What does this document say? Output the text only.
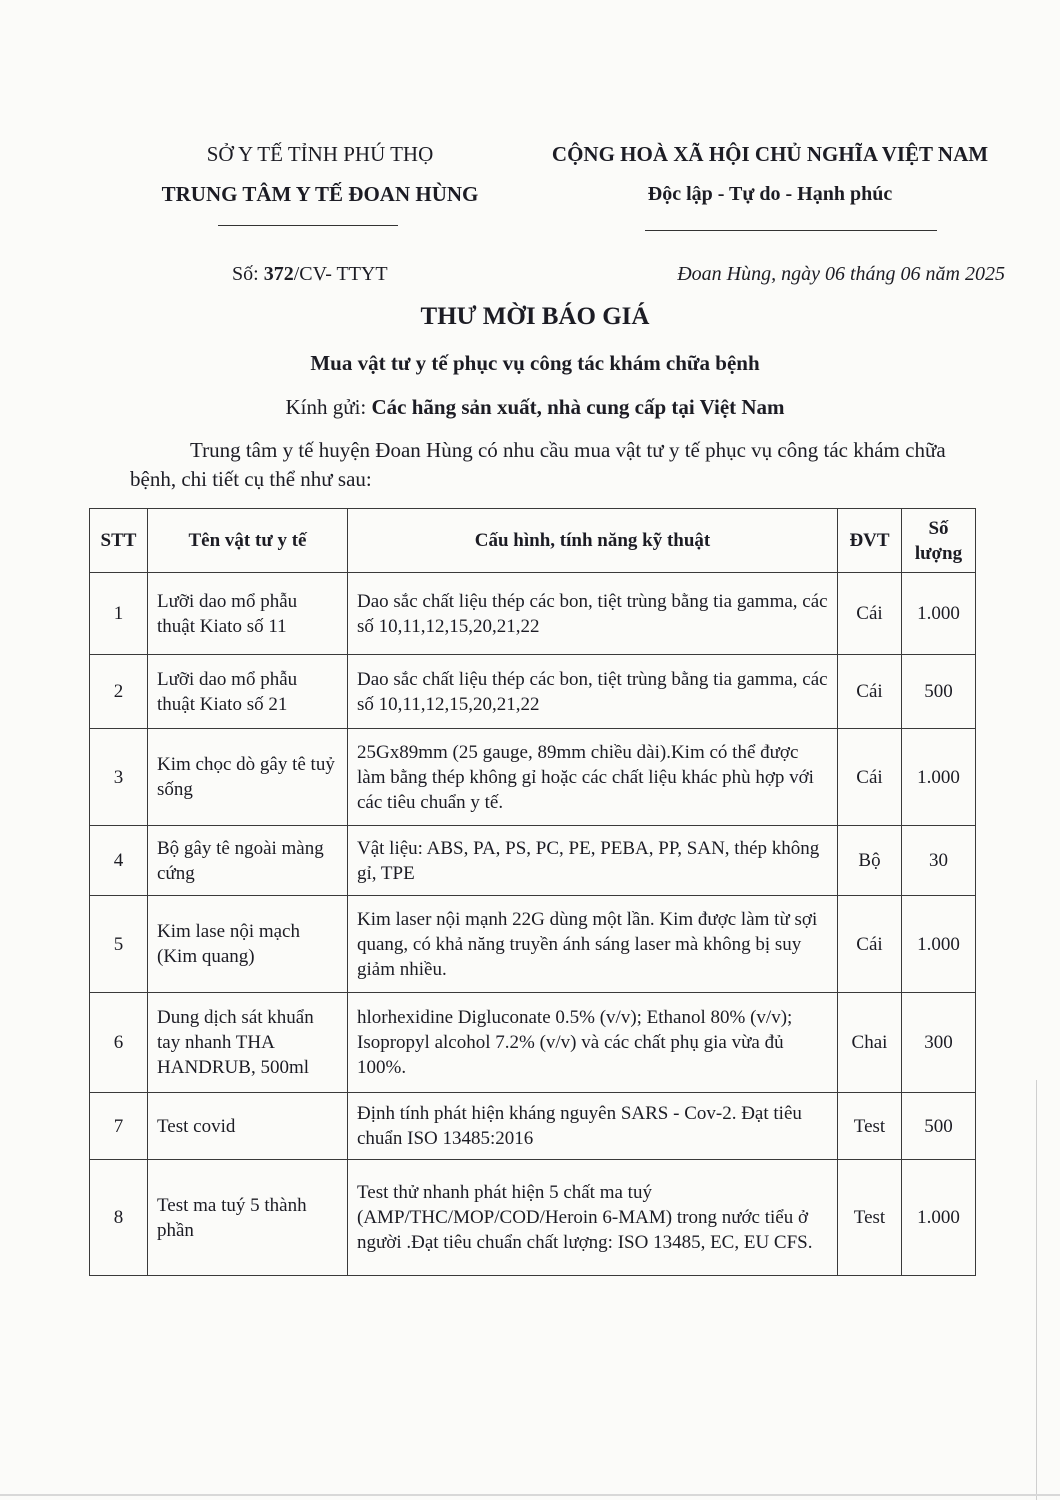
SỞ Y TẾ TỈNH PHÚ THỌ
TRUNG TÂM Y TẾ ĐOAN HÙNG
CỘNG HOÀ XÃ HỘI CHỦ NGHĨA VIỆT NAM
Độc lập - Tự do - Hạnh phúc
Số: 372/CV- TTYT	Đoan Hùng, ngày 06 tháng 06 năm 2025
THƯ MỜI BÁO GIÁ
Mua vật tư y tế phục vụ công tác khám chữa bệnh
Kính gửi: Các hãng sản xuất, nhà cung cấp tại Việt Nam
Trung tâm y tế huyện Đoan Hùng có nhu cầu mua vật tư y tế phục vụ công tác khám chữa bệnh, chi tiết cụ thể như sau:
STT	Tên vật tư y tế	Cấu hình, tính năng kỹ thuật	ĐVT	Số
lượng
1	Lưỡi dao mổ phẫu thuật Kiato số 11	Dao sắc chất liệu thép các bon, tiệt trùng bằng tia gamma, các số 10,11,12,15,20,21,22	Cái	1.000
2	Lưỡi dao mổ phẫu thuật Kiato số 21	Dao sắc chất liệu thép các bon, tiệt trùng bằng tia gamma, các số 10,11,12,15,20,21,22	Cái	500
3	Kim chọc dò gây tê tuỷ sống	25Gx89mm (25 gauge, 89mm chiều dài).Kim có thể được làm bằng thép không gỉ hoặc các chất liệu khác phù hợp với các tiêu chuẩn y tế.	Cái	1.000
4	Bộ gây tê ngoài màng cứng	Vật liệu: ABS, PA, PS, PC, PE, PEBA, PP, SAN, thép không gỉ, TPE	Bộ	30
5	Kim lase nội mạch (Kim quang)	Kim laser nội mạnh 22G dùng một lần. Kim được làm từ sợi quang, có khả năng truyền ánh sáng laser mà không bị suy giảm nhiều.	Cái	1.000
6	Dung dịch sát khuẩn tay nhanh THA HANDRUB, 500ml	hlorhexidine Digluconate 0.5% (v/v); Ethanol 80% (v/v); Isopropyl alcohol 7.2% (v/v) và các chất phụ gia vừa đủ 100%.	Chai	300
7	Test covid	Định tính phát hiện kháng nguyên SARS - Cov-2. Đạt tiêu chuẩn ISO 13485:2016	Test	500
8	Test ma tuý 5 thành phần	Test thử nhanh phát hiện 5 chất ma tuý (AMP/THC/MOP/COD/Heroin 6-MAM) trong nước tiểu ở người .Đạt tiêu chuẩn chất lượng: ISO 13485, EC, EU CFS.	Test	1.000
